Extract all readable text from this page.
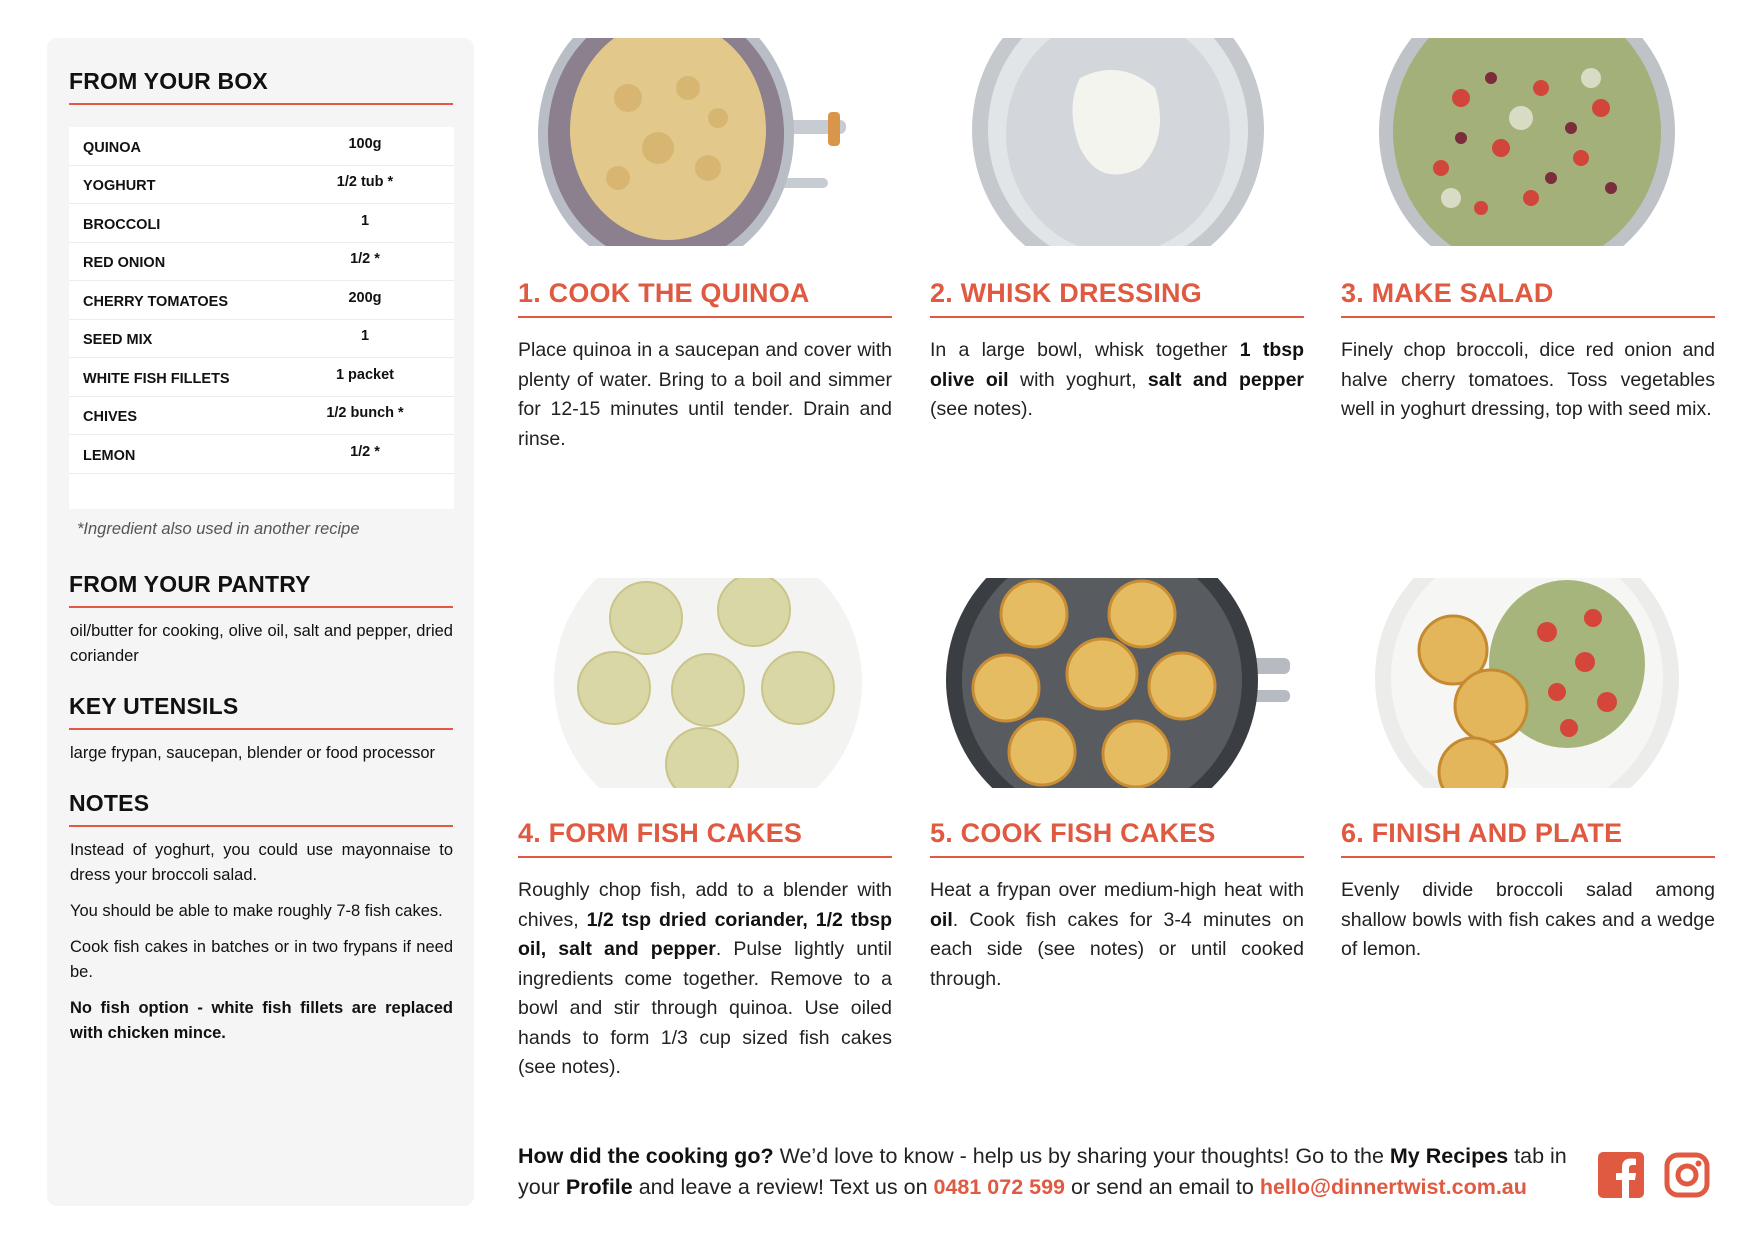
FROM YOUR BOX
QUINOA	100g
YOGHURT	1/2 tub *
BROCCOLI	1
RED ONION	1/2 *
CHERRY TOMATOES	200g
SEED MIX	1
WHITE FISH FILLETS	1 packet
CHIVES	1/2 bunch *
LEMON	1/2 *
*Ingredient also used in another recipe
FROM YOUR PANTRY
oil/butter for cooking, olive oil, salt and pepper, dried coriander
KEY UTENSILS
large frypan, saucepan, blender or food processor
NOTES

Instead of yoghurt, you could use mayonnaise to dress your broccoli salad.

You should be able to make roughly 7-8 fish cakes.

Cook fish cakes in batches or in two frypans if need be.

No fish option - white fish fillets are replaced with chicken mince.

1. COOK THE QUINOA
Place quinoa in a saucepan and cover with plenty of water. Bring to a boil and simmer for 12-15 minutes until tender. Drain and rinse.
2. WHISK DRESSING
In a large bowl, whisk together 1 tbsp olive oil with yoghurt, salt and pepper (see notes).
3. MAKE SALAD
Finely chop broccoli, dice red onion and halve cherry tomatoes. Toss vegetables well in yoghurt dressing, top with seed mix.
4. FORM FISH CAKES
Roughly chop fish, add to a blender with chives, 1/2 tsp dried coriander, 1/2 tbsp oil, salt and pepper. Pulse lightly until ingredients come together. Remove to a bowl and stir through quinoa. Use oiled hands to form 1/3 cup sized fish cakes (see notes).
5. COOK FISH CAKES
Heat a frypan over medium-high heat with oil. Cook fish cakes for 3-4 minutes on each side (see notes) or until cooked through.
6. FINISH AND PLATE
Evenly divide broccoli salad among shallow bowls with fish cakes and a wedge of lemon.
How did the cooking go? We’d love to know - help us by sharing your thoughts! Go to the My Recipes tab in your Profile and leave a review! Text us on 0481 072 599 or send an email to hello@dinnertwist.com.au
